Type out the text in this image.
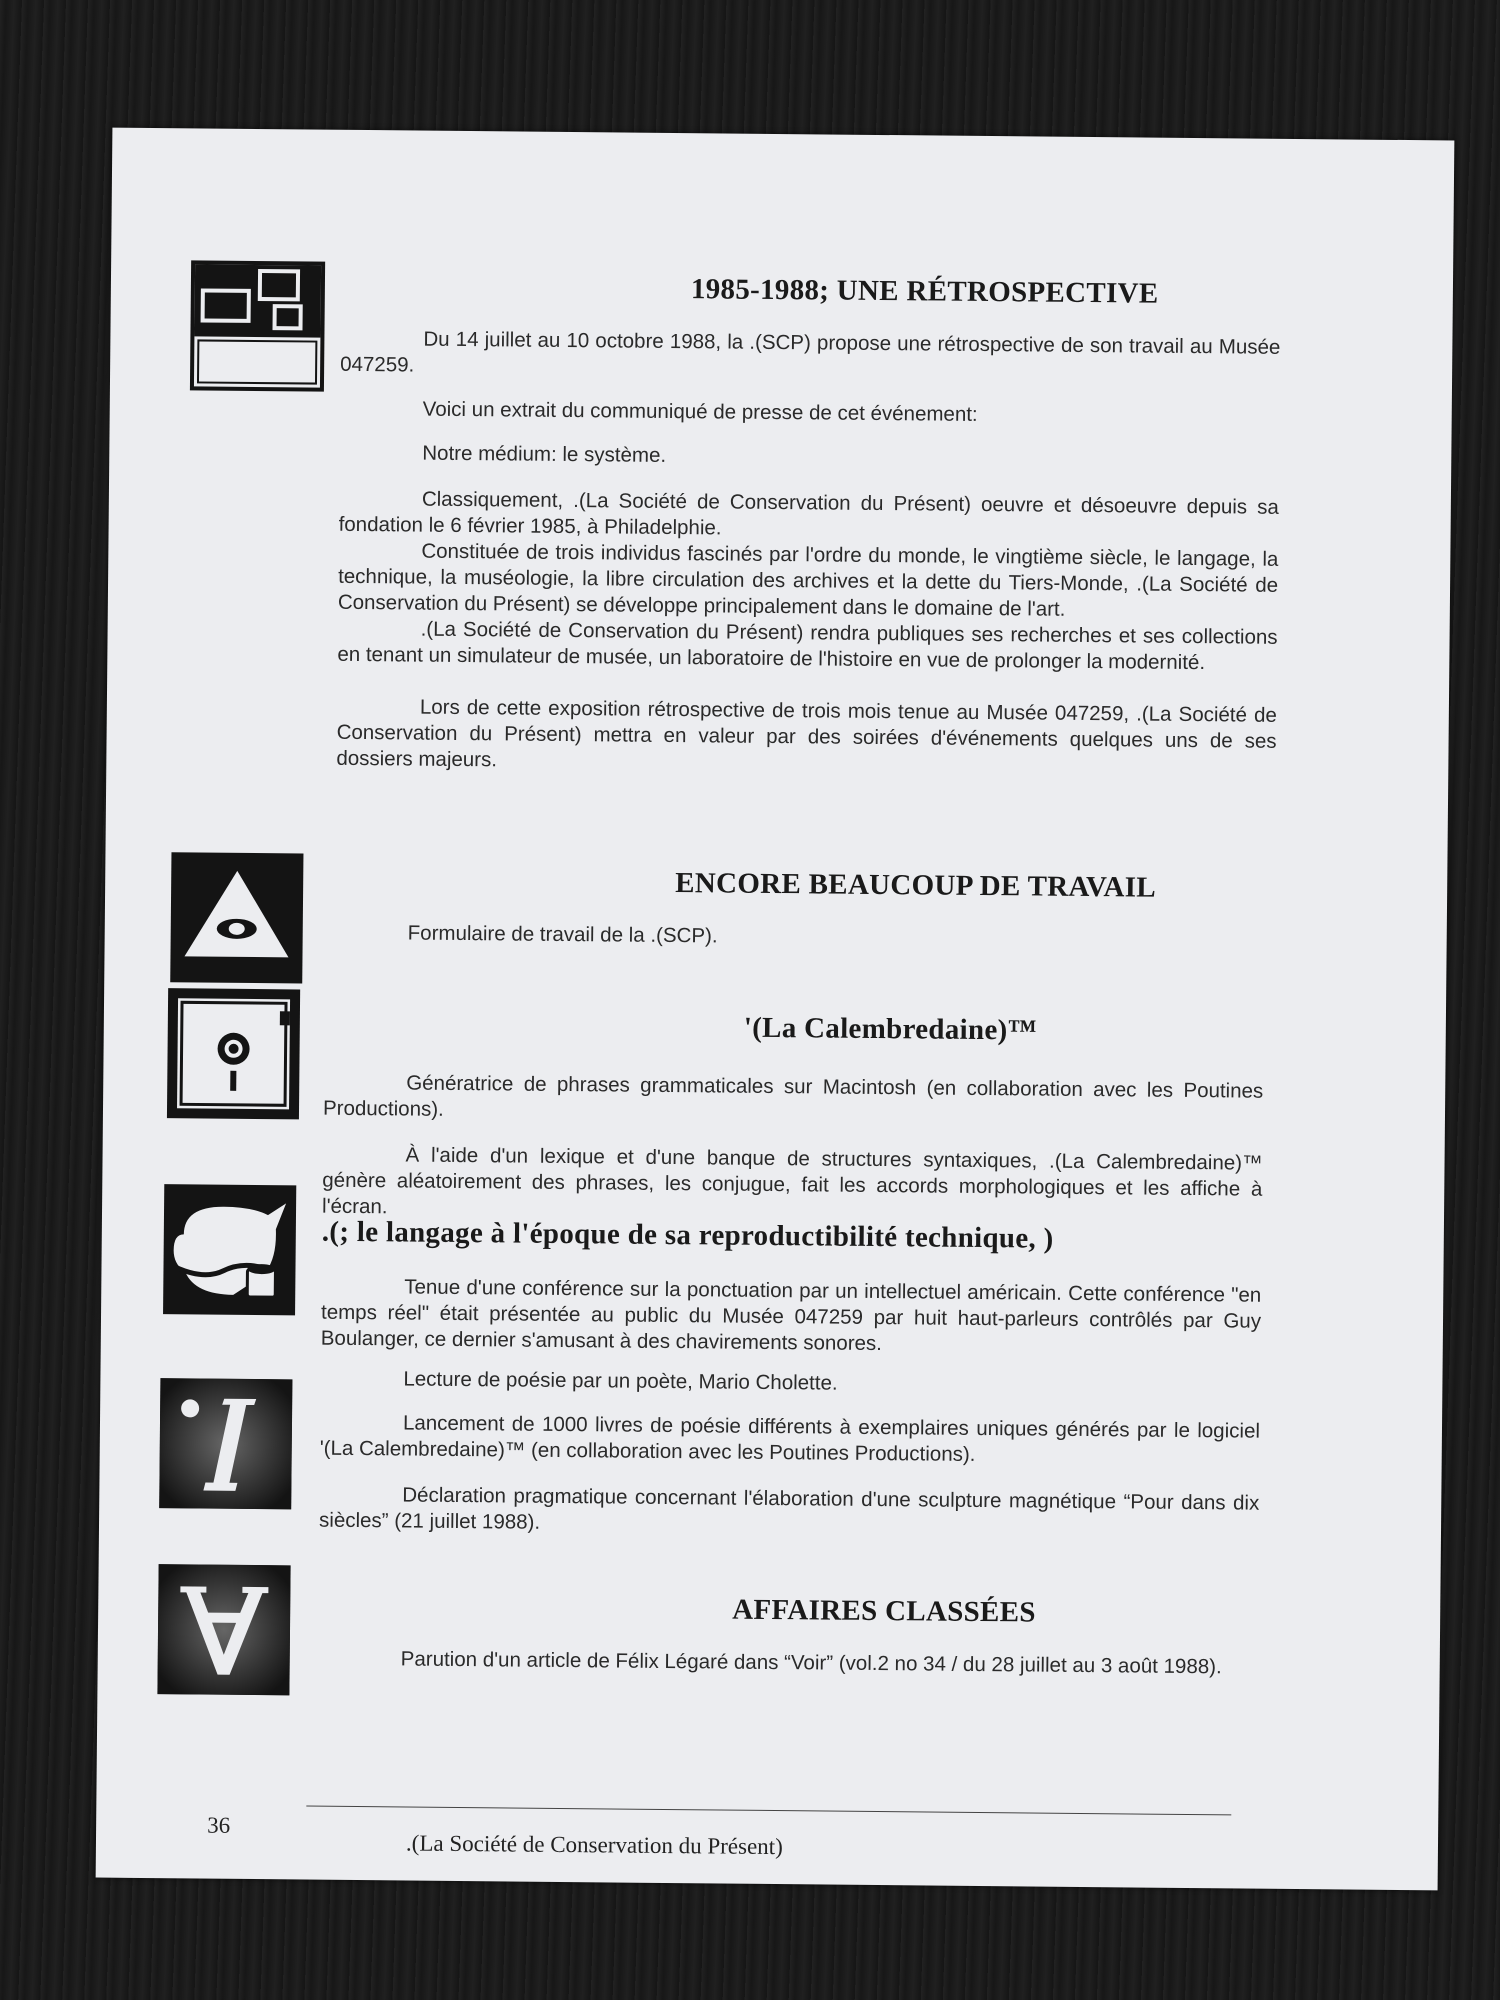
1985-1988; UNE RÉTROSPECTIVE

Du 14 juillet au 10 octobre 1988, la .(SCP) propose une rétrospective de son travail au Musée 047259.

Voici un extrait du communiqué de presse de cet événement:

Notre médium: le système.

Classiquement, .(La Société de Conservation du Présent) oeuvre et désoeuvre depuis sa fondation le 6 février 1985, à Philadelphie.

Constituée de trois individus fascinés par l'ordre du monde, le vingtième siècle, le langage, la technique, la muséologie, la libre circulation des archives et la dette du Tiers-Monde, .(La Société de Conservation du Présent) se développe principalement dans le domaine de l'art.

.(La Société de Conservation du Présent) rendra publiques ses recherches et ses collections en tenant un simulateur de musée, un laboratoire de l'histoire en vue de prolonger la modernité.

Lors de cette exposition rétrospective de trois mois tenue au Musée 047259, .(La Société de Conservation du Présent) mettra en valeur par des soirées d'événements quelques uns de ses dossiers majeurs.

ENCORE BEAUCOUP DE TRAVAIL

Formulaire de travail de la .(SCP).

'(La Calembredaine)™

Génératrice de phrases grammaticales sur Macintosh (en collaboration avec les Poutines Productions).

À l'aide d'un lexique et d'une banque de structures syntaxiques, .(La Calembredaine)™ génère aléatoirement des phrases, les conjugue, fait les accords morphologiques et les affiche à l'écran.

.(; le langage à l'époque de sa reproductibilité technique, )

Tenue d'une conférence sur la ponctuation par un intellectuel américain. Cette conférence "en temps réel" était présentée au public du Musée 047259 par huit haut-parleurs contrôlés par Guy Boulanger, ce dernier s'amusant à des chavirements sonores.

Lecture de poésie par un poète, Mario Cholette.

Lancement de 1000 livres de poésie différents à exemplaires uniques générés par le logiciel '(La Calembredaine)™ (en collaboration avec les Poutines Productions).

Déclaration pragmatique concernant l'élaboration d'une sculpture magnétique “Pour dans dix siècles” (21 juillet 1988).

AFFAIRES CLASSÉES

Parution d'un article de Félix Légaré dans “Voir” (vol.2 no 34 / du 28 juillet au 3 août 1988).

36
.(La Société de Conservation du Présent)
